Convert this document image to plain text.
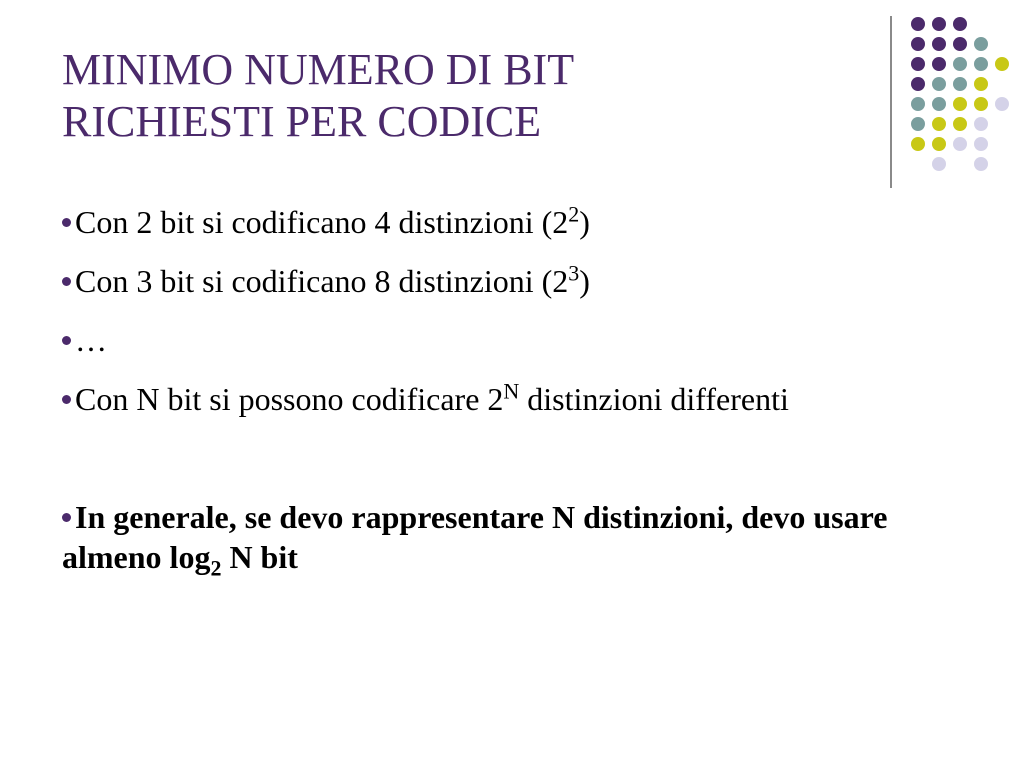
MINIMO NUMERO DI BIT
RICHIESTI PER CODICE

Con 2 bit si codificano 4 distinzioni $(2^2)$

Con 3 bit si codificano 8 distinzioni $(2^3)$

…

Con N bit si possono codificare $2^N$ distinzioni differenti

In generale, se devo rappresentare N distinzioni, devo usare almeno $\log_2 N$ bit
